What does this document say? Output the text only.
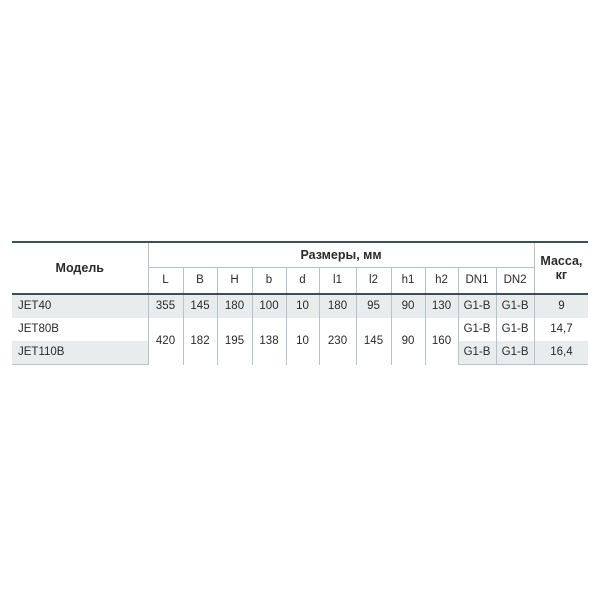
Модель	Размеры, мм											Масса,
кг
	L	B	H	b	d	l1	l2	h1	h2	DN1	DN2	
JET40	355	145	180	100	10	180	95	90	130	G1-B	G1-B	9
JET80B	420	182	195	138	10	230	145	90	160	G1-B	G1-B	14,7
JET110B										G1-B	G1-B	16,4
